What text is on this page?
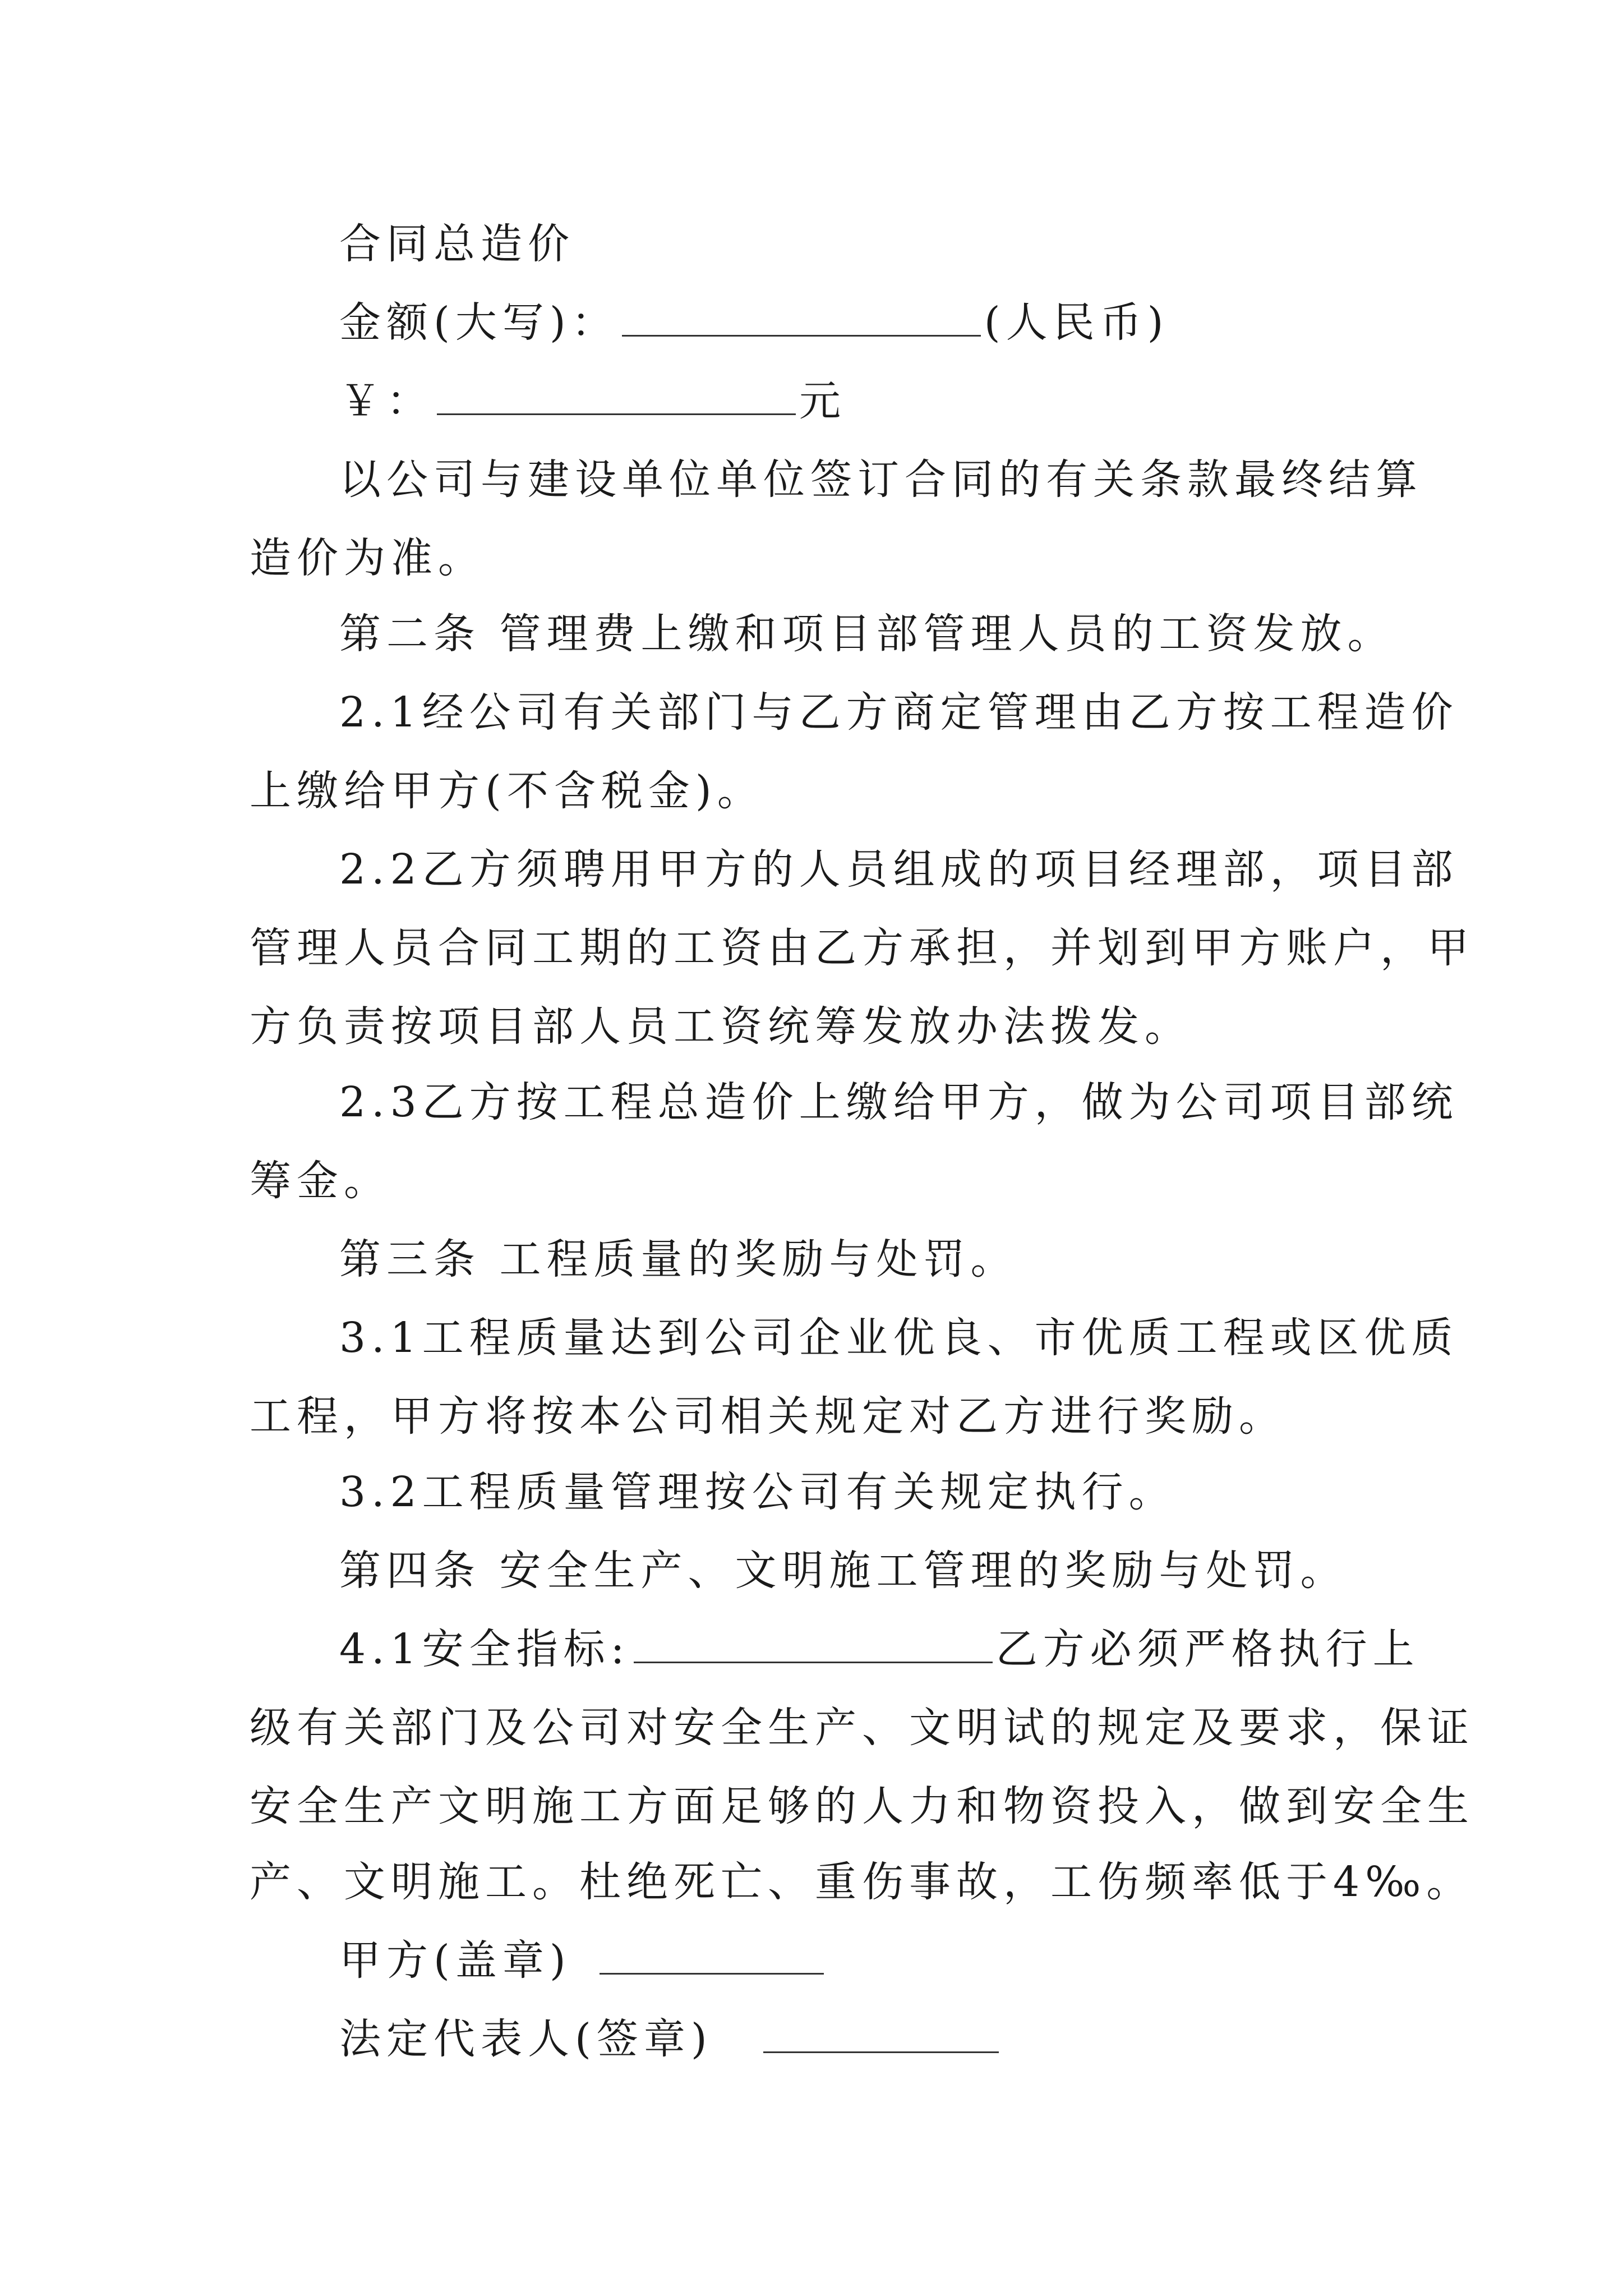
合同总造价
金额(大写)：	(人民币)
￥：	元
以公司与建设单位单位签订合同的有关条款最终结算
造价为准。
第二条 管理费上缴和项目部管理人员的工资发放。
2.1经公司有关部门与乙方商定管理由乙方按工程造价
上缴给甲方(不含税金)。
2.2乙方须聘用甲方的人员组成的项目经理部，项目部
管理人员合同工期的工资由乙方承担，并划到甲方账户，甲
方负责按项目部人员工资统筹发放办法拨发。
2.3乙方按工程总造价上缴给甲方，做为公司项目部统
筹金。
第三条 工程质量的奖励与处罚。
3.1工程质量达到公司企业优良、市优质工程或区优质
工程，甲方将按本公司相关规定对乙方进行奖励。
3.2工程质量管理按公司有关规定执行。
第四条 安全生产、文明施工管理的奖励与处罚。
4.1安全指标:	乙方必须严格执行上
级有关部门及公司对安全生产、文明试的规定及要求，保证
安全生产文明施工方面足够的人力和物资投入，做到安全生
产、文明施工。杜绝死亡、重伤事故，工伤频率低于4‰。
甲方(盖章)
法定代表人(签章)
